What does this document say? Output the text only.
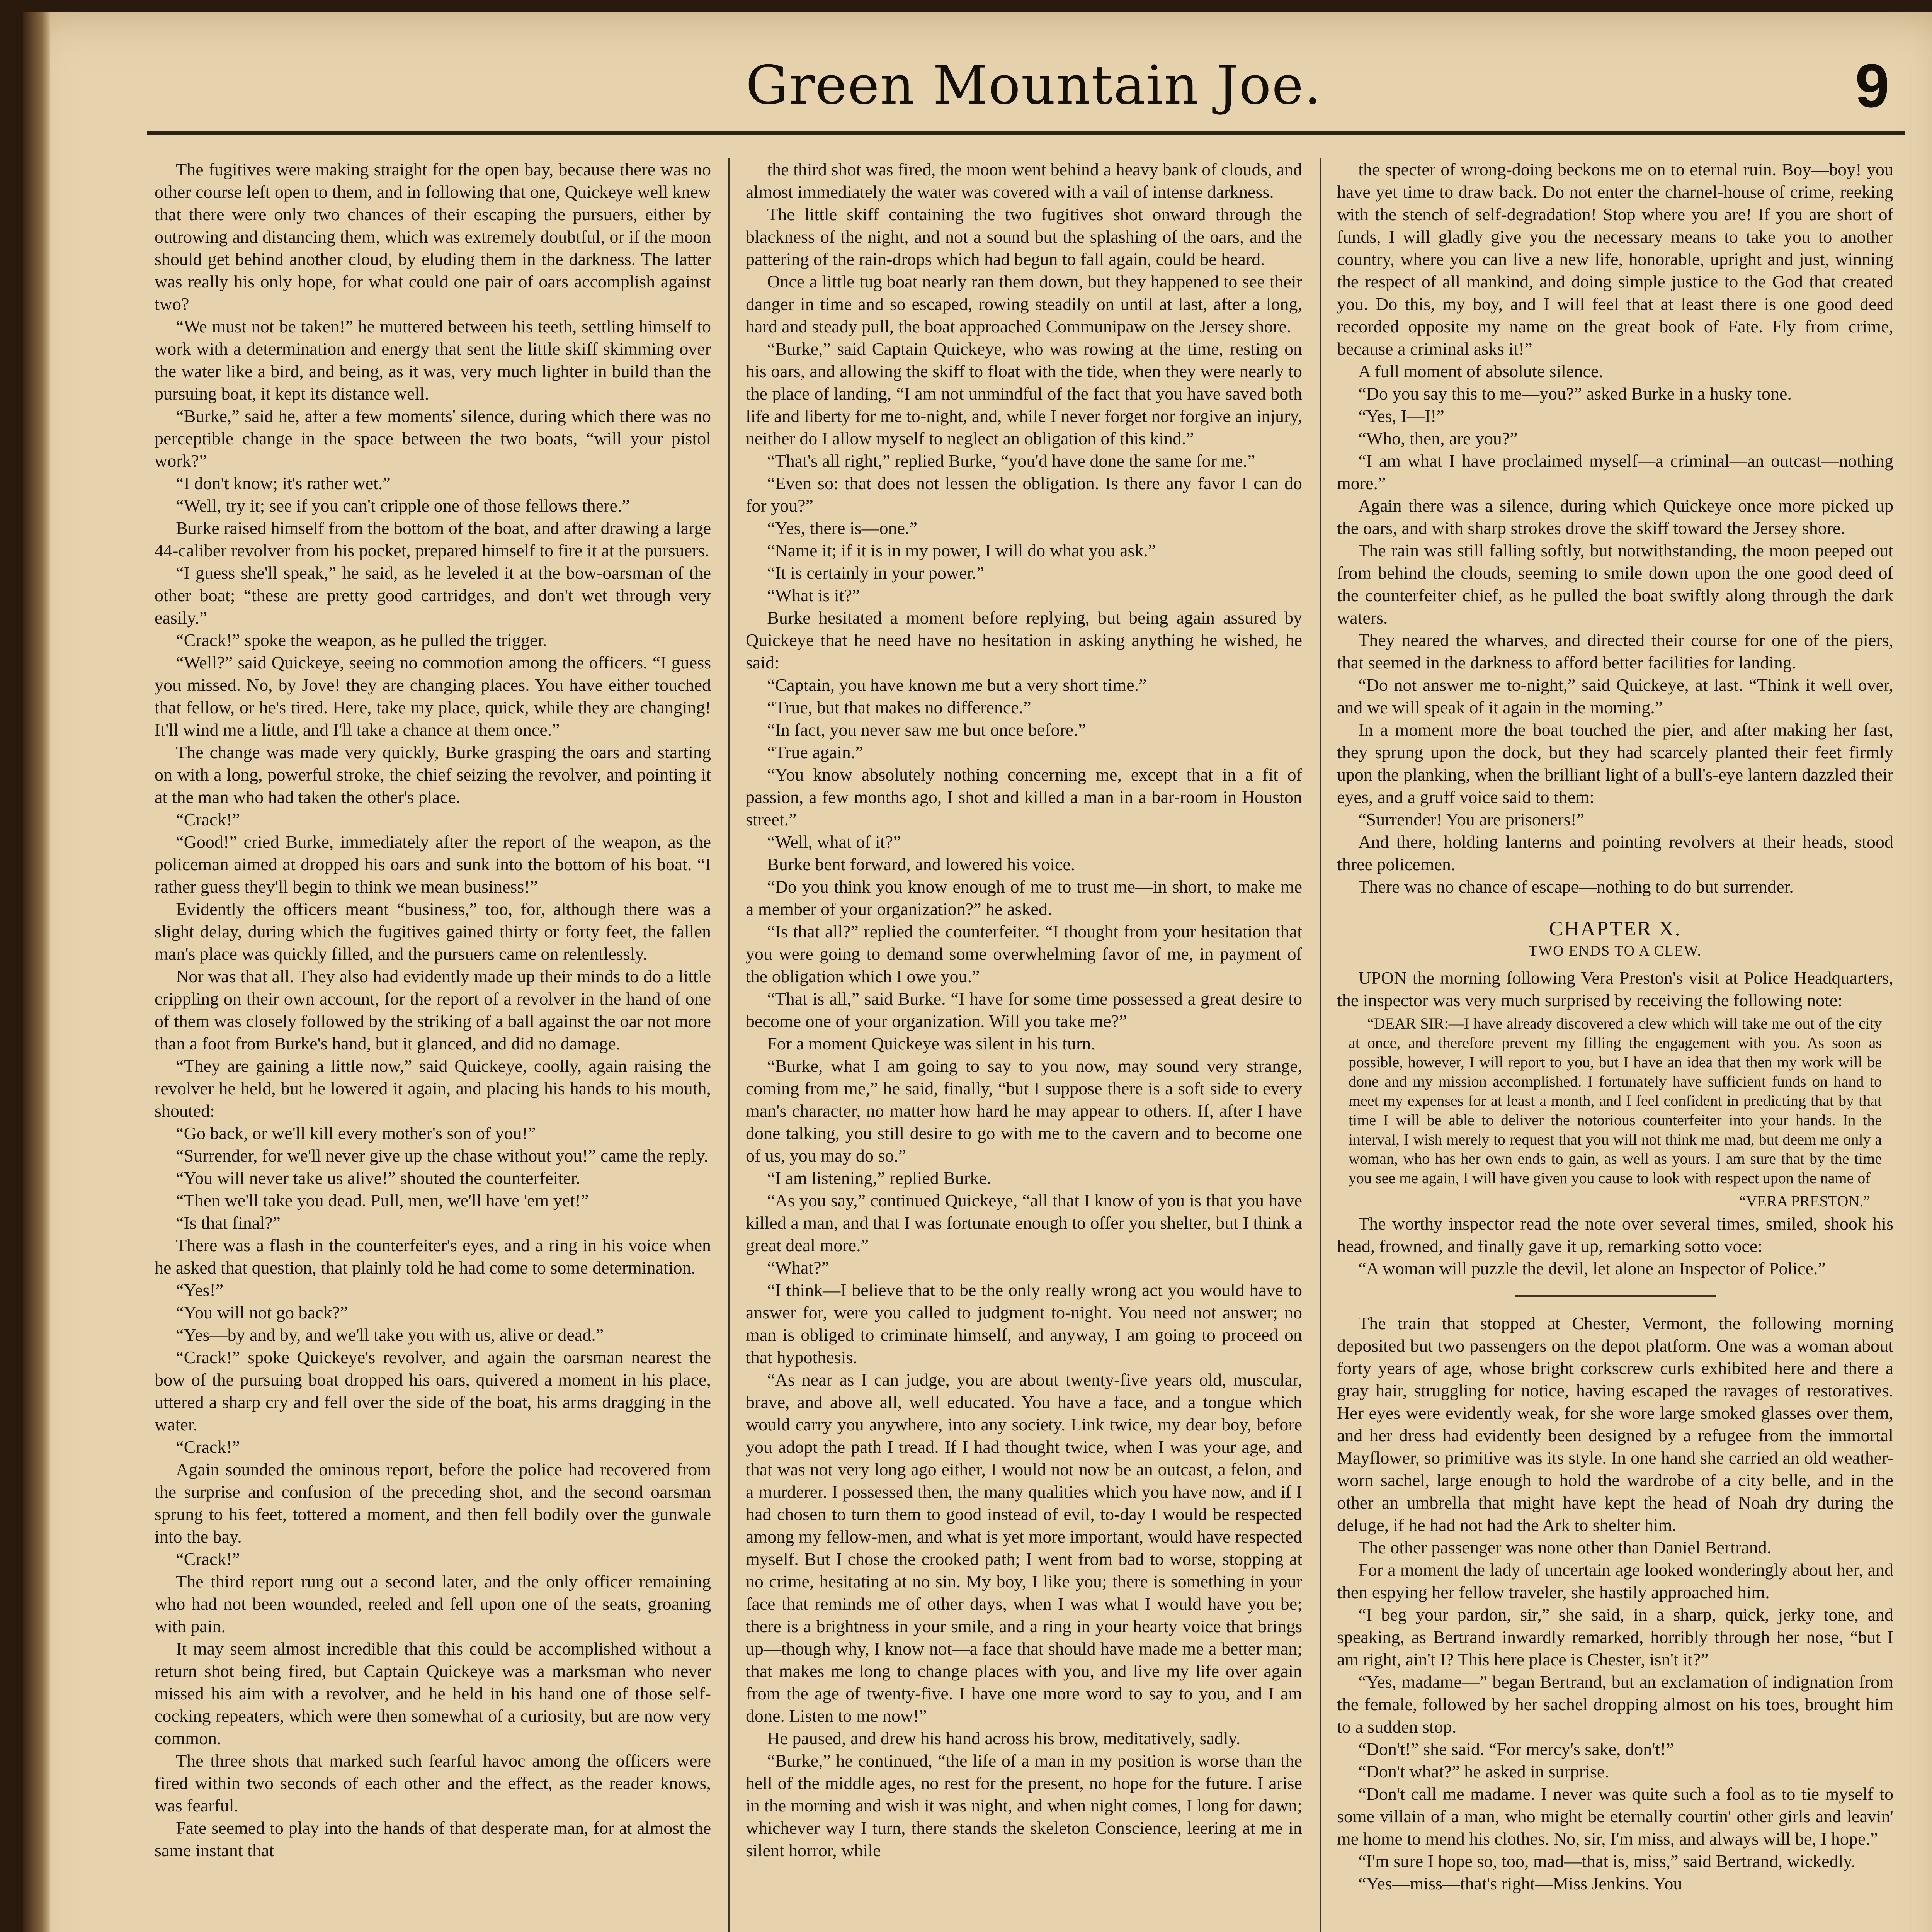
Green Mountain Joe.	9

The fugitives were making straight for the open bay, because there was no other course left open to them, and in following that one, Quickeye well knew that there were only two chances of their escaping the pursuers, either by outrowing and distancing them, which was extremely doubtful, or if the moon should get behind another cloud, by eluding them in the darkness. The latter was really his only hope, for what could one pair of oars accomplish against two?

“We must not be taken!” he muttered between his teeth, settling himself to work with a determination and energy that sent the little skiff skimming over the water like a bird, and being, as it was, very much lighter in build than the pursuing boat, it kept its distance well.

“Burke,” said he, after a few moments' silence, during which there was no perceptible change in the space between the two boats, “will your pistol work?”

“I don't know; it's rather wet.”

“Well, try it; see if you can't cripple one of those fellows there.”

Burke raised himself from the bottom of the boat, and after drawing a large 44-caliber revolver from his pocket, prepared himself to fire it at the pursuers.

“I guess she'll speak,” he said, as he leveled it at the bow-oarsman of the other boat; “these are pretty good cartridges, and don't wet through very easily.”

“Crack!” spoke the weapon, as he pulled the trigger.

“Well?” said Quickeye, seeing no commotion among the officers. “I guess you missed. No, by Jove! they are changing places. You have either touched that fellow, or he's tired. Here, take my place, quick, while they are changing! It'll wind me a little, and I'll take a chance at them once.”

The change was made very quickly, Burke grasping the oars and starting on with a long, powerful stroke, the chief seizing the revolver, and pointing it at the man who had taken the other's place.

“Crack!”

“Good!” cried Burke, immediately after the report of the weapon, as the policeman aimed at dropped his oars and sunk into the bottom of his boat. “I rather guess they'll begin to think we mean business!”

Evidently the officers meant “business,” too, for, although there was a slight delay, during which the fugitives gained thirty or forty feet, the fallen man's place was quickly filled, and the pursuers came on relentlessly.

Nor was that all. They also had evidently made up their minds to do a little crippling on their own account, for the report of a revolver in the hand of one of them was closely followed by the striking of a ball against the oar not more than a foot from Burke's hand, but it glanced, and did no damage.

“They are gaining a little now,” said Quickeye, coolly, again raising the revolver he held, but he lowered it again, and placing his hands to his mouth, shouted:

“Go back, or we'll kill every mother's son of you!”

“Surrender, for we'll never give up the chase without you!” came the reply.

“You will never take us alive!” shouted the counterfeiter.

“Then we'll take you dead. Pull, men, we'll have 'em yet!”

“Is that final?”

There was a flash in the counterfeiter's eyes, and a ring in his voice when he asked that question, that plainly told he had come to some determination.

“Yes!”

“You will not go back?”

“Yes—by and by, and we'll take you with us, alive or dead.”

“Crack!” spoke Quickeye's revolver, and again the oarsman nearest the bow of the pursuing boat dropped his oars, quivered a moment in his place, uttered a sharp cry and fell over the side of the boat, his arms dragging in the water.

“Crack!”

Again sounded the ominous report, before the police had recovered from the surprise and confusion of the preceding shot, and the second oarsman sprung to his feet, tottered a moment, and then fell bodily over the gunwale into the bay.

“Crack!”

The third report rung out a second later, and the only officer remaining who had not been wounded, reeled and fell upon one of the seats, groaning with pain.

It may seem almost incredible that this could be accomplished without a return shot being fired, but Captain Quickeye was a marksman who never missed his aim with a revolver, and he held in his hand one of those self-cocking repeaters, which were then somewhat of a curiosity, but are now very common.

The three shots that marked such fearful havoc among the officers were fired within two seconds of each other and the effect, as the reader knows, was fearful.

Fate seemed to play into the hands of that desperate man, for at almost the same instant that

the third shot was fired, the moon went behind a heavy bank of clouds, and almost immediately the water was covered with a vail of intense darkness.

The little skiff containing the two fugitives shot onward through the blackness of the night, and not a sound but the splashing of the oars, and the pattering of the rain-drops which had begun to fall again, could be heard.

Once a little tug boat nearly ran them down, but they happened to see their danger in time and so escaped, rowing steadily on until at last, after a long, hard and steady pull, the boat approached Communipaw on the Jersey shore.

“Burke,” said Captain Quickeye, who was rowing at the time, resting on his oars, and allowing the skiff to float with the tide, when they were nearly to the place of landing, “I am not unmindful of the fact that you have saved both life and liberty for me to-night, and, while I never forget nor forgive an injury, neither do I allow myself to neglect an obligation of this kind.”

“That's all right,” replied Burke, “you'd have done the same for me.”

“Even so: that does not lessen the obligation. Is there any favor I can do for you?”

“Yes, there is—one.”

“Name it; if it is in my power, I will do what you ask.”

“It is certainly in your power.”

“What is it?”

Burke hesitated a moment before replying, but being again assured by Quickeye that he need have no hesitation in asking anything he wished, he said:

“Captain, you have known me but a very short time.”

“True, but that makes no difference.”

“In fact, you never saw me but once before.”

“True again.”

“You know absolutely nothing concerning me, except that in a fit of passion, a few months ago, I shot and killed a man in a bar-room in Houston street.”

“Well, what of it?”

Burke bent forward, and lowered his voice.

“Do you think you know enough of me to trust me—in short, to make me a member of your organization?” he asked.

“Is that all?” replied the counterfeiter. “I thought from your hesitation that you were going to demand some overwhelming favor of me, in payment of the obligation which I owe you.”

“That is all,” said Burke. “I have for some time possessed a great desire to become one of your organization. Will you take me?”

For a moment Quickeye was silent in his turn.

“Burke, what I am going to say to you now, may sound very strange, coming from me,” he said, finally, “but I suppose there is a soft side to every man's character, no matter how hard he may appear to others. If, after I have done talking, you still desire to go with me to the cavern and to become one of us, you may do so.”

“I am listening,” replied Burke.

“As you say,” continued Quickeye, “all that I know of you is that you have killed a man, and that I was fortunate enough to offer you shelter, but I think a great deal more.”

“What?”

“I think—I believe that to be the only really wrong act you would have to answer for, were you called to judgment to-night. You need not answer; no man is obliged to criminate himself, and anyway, I am going to proceed on that hypothesis.

“As near as I can judge, you are about twenty-five years old, muscular, brave, and above all, well educated. You have a face, and a tongue which would carry you anywhere, into any society. Link twice, my dear boy, before you adopt the path I tread. If I had thought twice, when I was your age, and that was not very long ago either, I would not now be an outcast, a felon, and a murderer. I possessed then, the many qualities which you have now, and if I had chosen to turn them to good instead of evil, to-day I would be respected among my fellow-men, and what is yet more important, would have respected myself. But I chose the crooked path; I went from bad to worse, stopping at no crime, hesitating at no sin. My boy, I like you; there is something in your face that reminds me of other days, when I was what I would have you be; there is a brightness in your smile, and a ring in your hearty voice that brings up—though why, I know not—a face that should have made me a better man; that makes me long to change places with you, and live my life over again from the age of twenty-five. I have one more word to say to you, and I am done. Listen to me now!”

He paused, and drew his hand across his brow, meditatively, sadly.

“Burke,” he continued, “the life of a man in my position is worse than the hell of the middle ages, no rest for the present, no hope for the future. I arise in the morning and wish it was night, and when night comes, I long for dawn; whichever way I turn, there stands the skeleton Conscience, leering at me in silent horror, while

the specter of wrong-doing beckons me on to eternal ruin. Boy—boy! you have yet time to draw back. Do not enter the charnel-house of crime, reeking with the stench of self-degradation! Stop where you are! If you are short of funds, I will gladly give you the necessary means to take you to another country, where you can live a new life, honorable, upright and just, winning the respect of all mankind, and doing simple justice to the God that created you. Do this, my boy, and I will feel that at least there is one good deed recorded opposite my name on the great book of Fate. Fly from crime, because a criminal asks it!”

A full moment of absolute silence.

“Do you say this to me—you?” asked Burke in a husky tone.

“Yes, I—I!”

“Who, then, are you?”

“I am what I have proclaimed myself—a criminal—an outcast—nothing more.”

Again there was a silence, during which Quickeye once more picked up the oars, and with sharp strokes drove the skiff toward the Jersey shore.

The rain was still falling softly, but notwithstanding, the moon peeped out from behind the clouds, seeming to smile down upon the one good deed of the counterfeiter chief, as he pulled the boat swiftly along through the dark waters.

They neared the wharves, and directed their course for one of the piers, that seemed in the darkness to afford better facilities for landing.

“Do not answer me to-night,” said Quickeye, at last. “Think it well over, and we will speak of it again in the morning.”

In a moment more the boat touched the pier, and after making her fast, they sprung upon the dock, but they had scarcely planted their feet firmly upon the planking, when the brilliant light of a bull's-eye lantern dazzled their eyes, and a gruff voice said to them:

“Surrender! You are prisoners!”

And there, holding lanterns and pointing revolvers at their heads, stood three policemen.

There was no chance of escape—nothing to do but surrender.

CHAPTER X.
TWO ENDS TO A CLEW.

UPON the morning following Vera Preston's visit at Police Headquarters, the inspector was very much surprised by receiving the following note:

“DEAR SIR:—I have already discovered a clew which will take me out of the city at once, and therefore prevent my filling the engagement with you. As soon as possible, however, I will report to you, but I have an idea that then my work will be done and my mission accomplished. I fortunately have sufficient funds on hand to meet my expenses for at least a month, and I feel confident in predicting that by that time I will be able to deliver the notorious counterfeiter into your hands. In the interval, I wish merely to request that you will not think me mad, but deem me only a woman, who has her own ends to gain, as well as yours. I am sure that by the time you see me again, I will have given you cause to look with respect upon the name of

“VERA PRESTON.”

The worthy inspector read the note over several times, smiled, shook his head, frowned, and finally gave it up, remarking sotto voce:

“A woman will puzzle the devil, let alone an Inspector of Police.”

The train that stopped at Chester, Vermont, the following morning deposited but two passengers on the depot platform. One was a woman about forty years of age, whose bright corkscrew curls exhibited here and there a gray hair, struggling for notice, having escaped the ravages of restoratives. Her eyes were evidently weak, for she wore large smoked glasses over them, and her dress had evidently been designed by a refugee from the immortal Mayflower, so primitive was its style. In one hand she carried an old weather-worn sachel, large enough to hold the wardrobe of a city belle, and in the other an umbrella that might have kept the head of Noah dry during the deluge, if he had not had the Ark to shelter him.

The other passenger was none other than Daniel Bertrand.

For a moment the lady of uncertain age looked wonderingly about her, and then espying her fellow traveler, she hastily approached him.

“I beg your pardon, sir,” she said, in a sharp, quick, jerky tone, and speaking, as Bertrand inwardly remarked, horribly through her nose, “but I am right, ain't I? This here place is Chester, isn't it?”

“Yes, madame—” began Bertrand, but an exclamation of indignation from the female, followed by her sachel dropping almost on his toes, brought him to a sudden stop.

“Don't!” she said. “For mercy's sake, don't!”

“Don't what?” he asked in surprise.

“Don't call me madame. I never was quite such a fool as to tie myself to some villain of a man, who might be eternally courtin' other girls and leavin' me home to mend his clothes. No, sir, I'm miss, and always will be, I hope.”

“I'm sure I hope so, too, mad—that is, miss,” said Bertrand, wickedly.

“Yes—miss—that's right—Miss Jenkins. You
